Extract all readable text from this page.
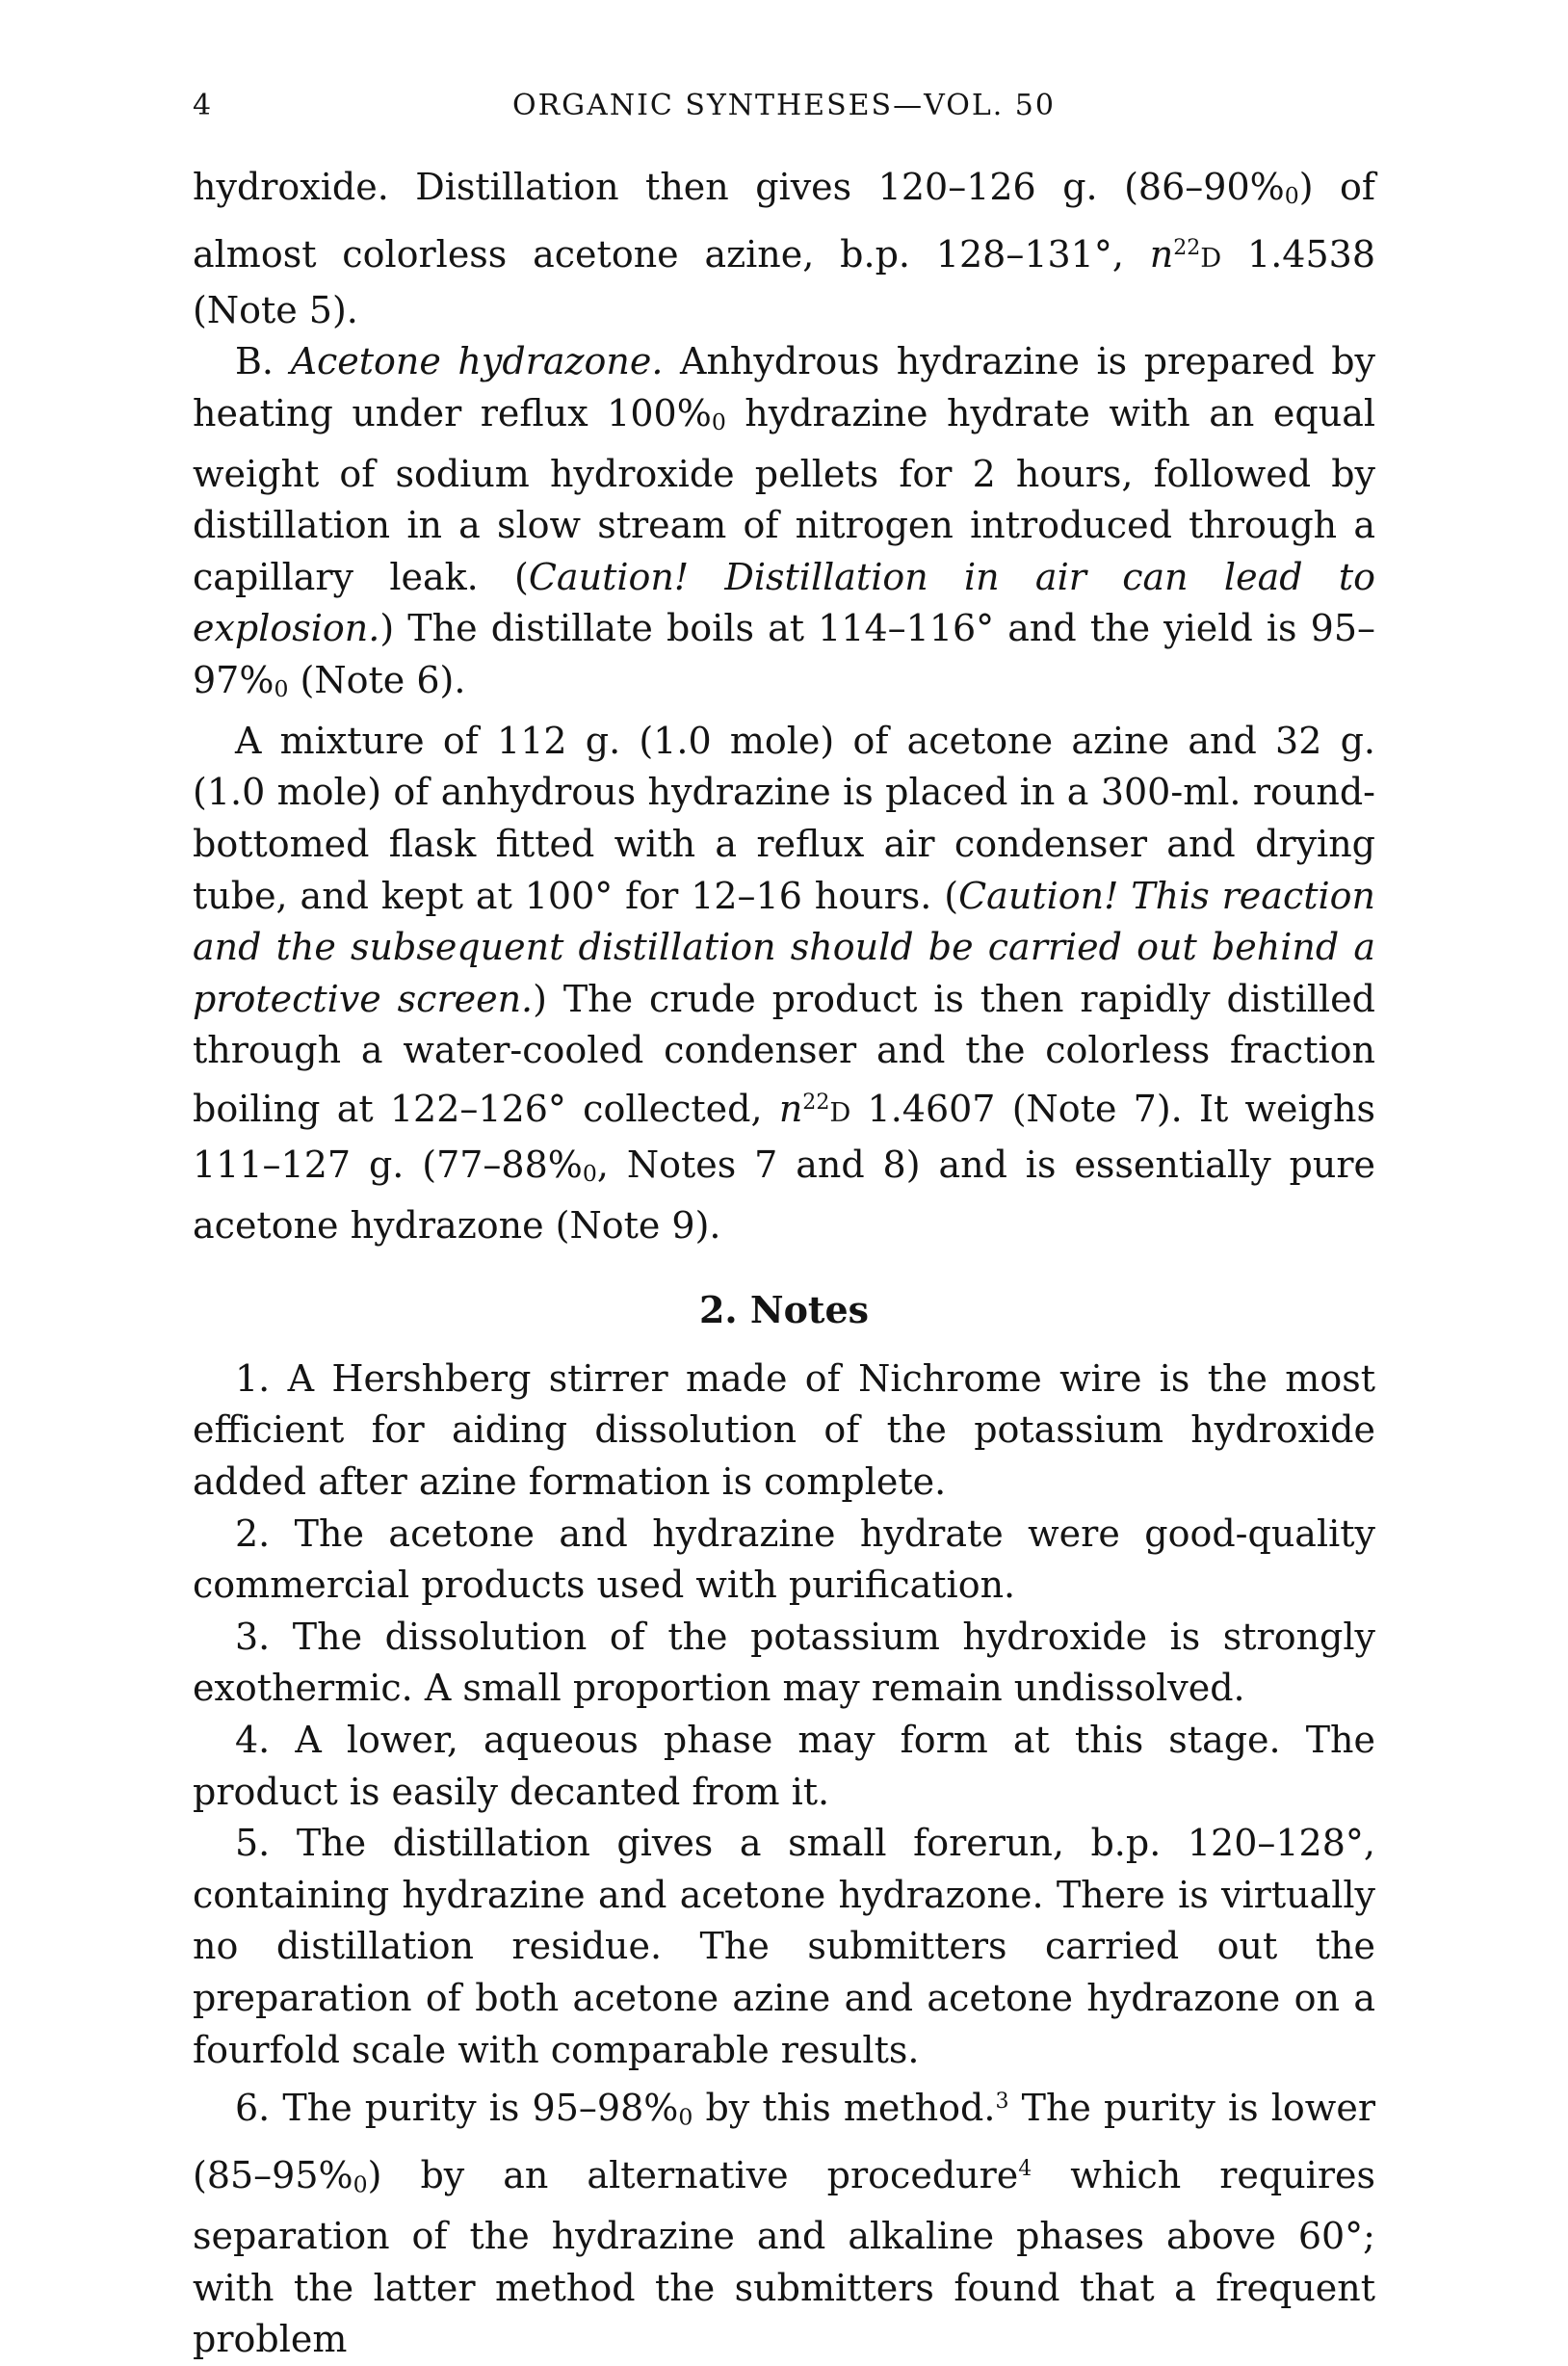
4	ORGANIC SYNTHESES—VOL. 50

hydroxide. Distillation then gives 120–126 g. (86–90%0) of almost colorless acetone azine, b.p. 128–131°, $n^{22}D$ 1.4538 (Note 5).

B. Acetone hydrazone. Anhydrous hydrazine is prepared by heating under reflux 100%0 hydrazine hydrate with an equal weight of sodium hydroxide pellets for 2 hours, followed by distillation in a slow stream of nitrogen introduced through a capillary leak. (Caution! Distillation in air can lead to explosion.) The distillate boils at 114–116° and the yield is 95–97%0 (Note 6).

A mixture of 112 g. (1.0 mole) of acetone azine and 32 g. (1.0 mole) of anhydrous hydrazine is placed in a 300-ml. round-bottomed flask fitted with a reflux air condenser and drying tube, and kept at 100° for 12–16 hours. (Caution! This reaction and the subsequent distillation should be carried out behind a protective screen.) The crude product is then rapidly distilled through a water-cooled condenser and the colorless fraction boiling at 122–126° collected, $n^{22}D$ 1.4607 (Note 7). It weighs 111–127 g. (77–88%0, Notes 7 and 8) and is essentially pure acetone hydrazone (Note 9).

2. Notes

1. A Hershberg stirrer made of Nichrome wire is the most efficient for aiding dissolution of the potassium hydroxide added after azine formation is complete.

2. The acetone and hydrazine hydrate were good-quality commercial products used with purification.

3. The dissolution of the potassium hydroxide is strongly exothermic. A small proportion may remain undissolved.

4. A lower, aqueous phase may form at this stage. The product is easily decanted from it.

5. The distillation gives a small forerun, b.p. 120–128°, containing hydrazine and acetone hydrazone. There is virtually no distillation residue. The submitters carried out the preparation of both acetone azine and acetone hydrazone on a fourfold scale with comparable results.

6. The purity is 95–98%0 by this method.$^3$ The purity is lower (85–95%0) by an alternative procedure$^4$ which requires separation of the hydrazine and alkaline phases above 60°; with the latter method the submitters found that a frequent problem
